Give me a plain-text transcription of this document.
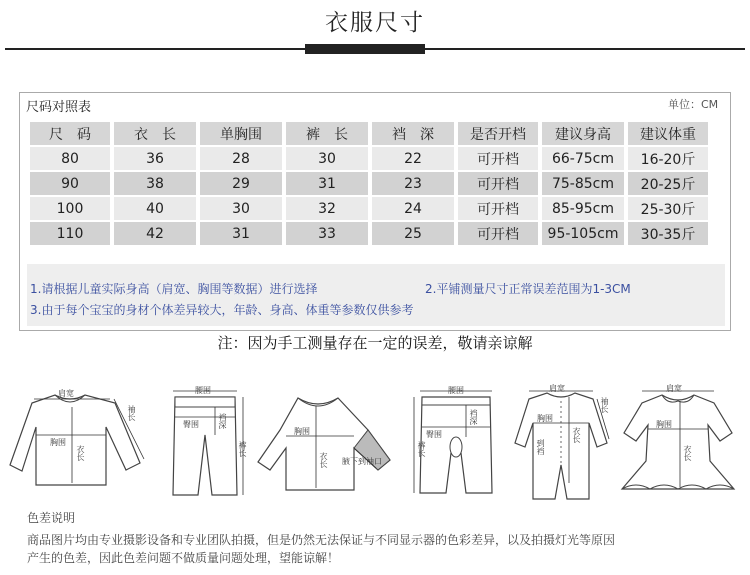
衣服尺寸
尺码对照表	单位：CM
尺　码	衣　长	单胸围	裤　长	裆　深	是否开档	建议身高	建议体重
80	36	28	30	22	可开档	66-75cm	16-20斤
90	38	29	31	23	可开档	75-85cm	20-25斤
100	40	30	32	24	可开档	85-95cm	25-30斤
110	42	31	33	25	可开档	95-105cm	30-35斤
1.请根据儿童实际身高（肩宽、胸围等数据）进行选择	2.平铺测量尺寸正常误差范围为1-3CM
3.由于每个宝宝的身材个体差异较大，年龄、身高、体重等参数仅供参考
注：因为手工测量存在一定的误差，敬请亲谅解
肩宽
胸围
衣长
袖长
腰围
臀围 裆深
裤长
胸围
衣长 腋下到袖口
腰围
臀围
裆深
裤长
肩宽
胸围
衣长
袖长
到裆
肩宽
胸围
衣长
色差说明
商品图片均由专业摄影设备和专业团队拍摄，但是仍然无法保证与不同显示器的色彩差异，以及拍摄灯光等原因
产生的色差，因此色差问题不做质量问题处理，望能谅解！
